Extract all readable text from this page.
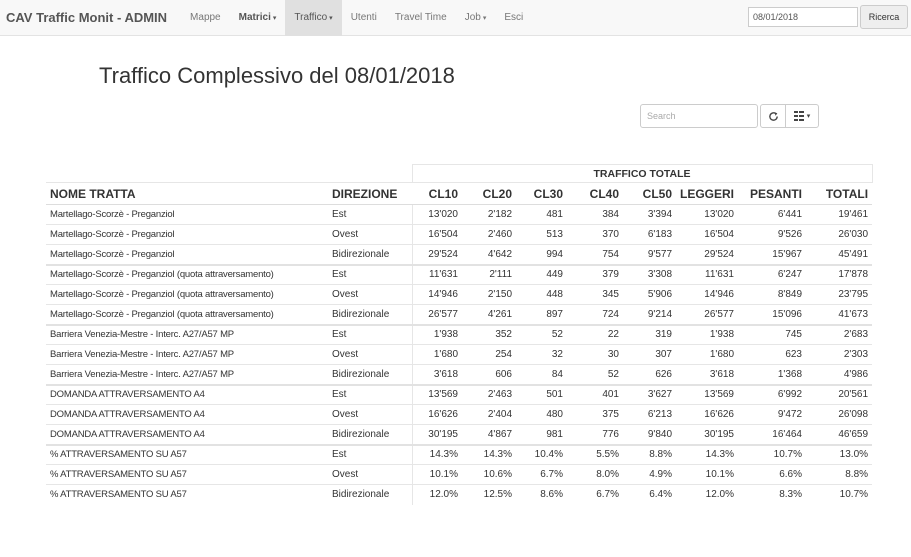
CAV Traffic Monit - ADMIN	Mappe Matrici ▾ Traffico ▾ Utenti Travel Time Job ▾ Esci	08/01/2018	Ricerca
Traffico Complessivo del 08/01/2018
Search	▾
		TRAFFICO TOTALE							
NOME TRATTA	DIREZIONE	CL10	CL20	CL30	CL40	CL50	LEGGERI	PESANTI	TOTALI
Martellago-Scorzè - Preganziol	Est	13'020	2'182	481	384	3'394	13'020	6'441	19'461
Martellago-Scorzè - Preganziol	Ovest	16'504	2'460	513	370	6'183	16'504	9'526	26'030
Martellago-Scorzè - Preganziol	Bidirezionale	29'524	4'642	994	754	9'577	29'524	15'967	45'491
Martellago-Scorzè - Preganziol (quota attraversamento)	Est	11'631	2'111	449	379	3'308	11'631	6'247	17'878
Martellago-Scorzè - Preganziol (quota attraversamento)	Ovest	14'946	2'150	448	345	5'906	14'946	8'849	23'795
Martellago-Scorzè - Preganziol (quota attraversamento)	Bidirezionale	26'577	4'261	897	724	9'214	26'577	15'096	41'673
Barriera Venezia-Mestre - Interc. A27/A57 MP	Est	1'938	352	52	22	319	1'938	745	2'683
Barriera Venezia-Mestre - Interc. A27/A57 MP	Ovest	1'680	254	32	30	307	1'680	623	2'303
Barriera Venezia-Mestre - Interc. A27/A57 MP	Bidirezionale	3'618	606	84	52	626	3'618	1'368	4'986
DOMANDA ATTRAVERSAMENTO A4	Est	13'569	2'463	501	401	3'627	13'569	6'992	20'561
DOMANDA ATTRAVERSAMENTO A4	Ovest	16'626	2'404	480	375	6'213	16'626	9'472	26'098
DOMANDA ATTRAVERSAMENTO A4	Bidirezionale	30'195	4'867	981	776	9'840	30'195	16'464	46'659
% ATTRAVERSAMENTO SU A57	Est	14.3%	14.3%	10.4%	5.5%	8.8%	14.3%	10.7%	13.0%
% ATTRAVERSAMENTO SU A57	Ovest	10.1%	10.6%	6.7%	8.0%	4.9%	10.1%	6.6%	8.8%
% ATTRAVERSAMENTO SU A57	Bidirezionale	12.0%	12.5%	8.6%	6.7%	6.4%	12.0%	8.3%	10.7%
